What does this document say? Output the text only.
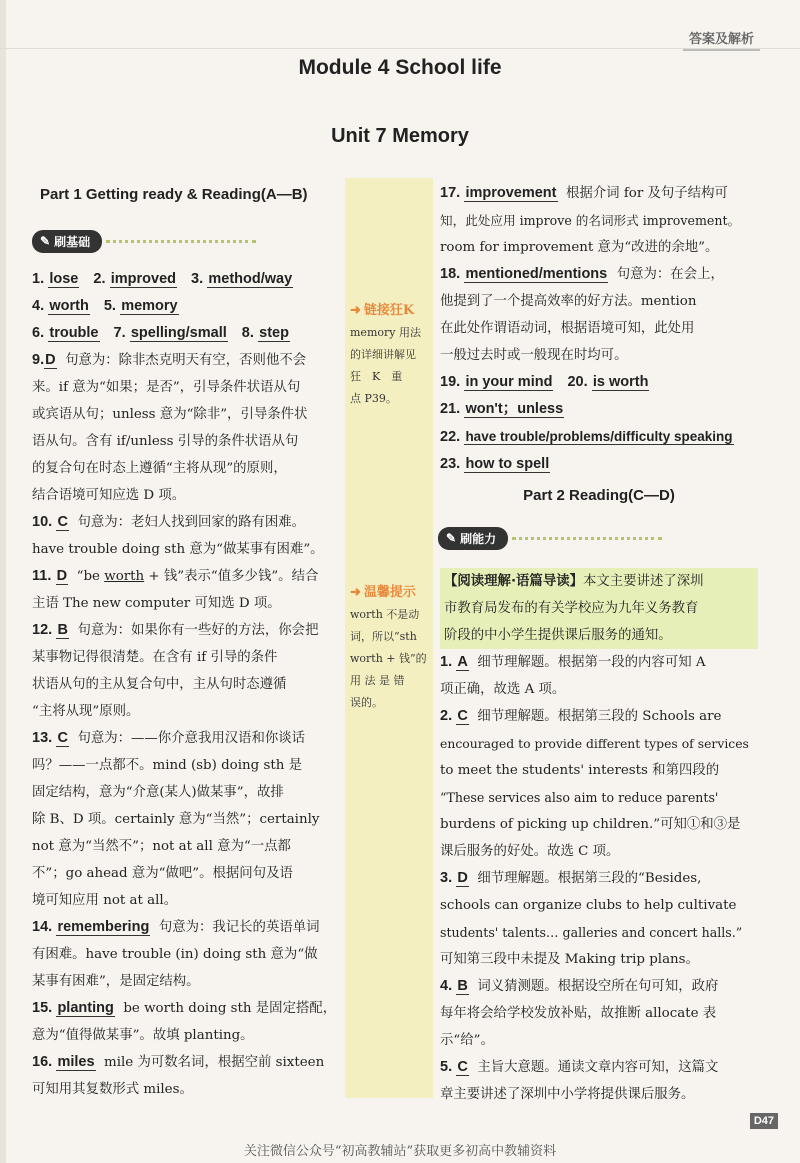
答案及解析
Module 4 School life
Unit 7 Memory
➜ 链接狂K
memory 用法
的详细讲解见
狂　K　重
点 P39。
➜ 温馨提示
worth 不是动
词，所以“sth
worth + 钱”的
用 法 是 错
误的。
Part 1 Getting ready & Reading(A—B)
✎ 刷基础

1. lose 2. improved 3. method/way

4. worth 5. memory

6. trouble 7. spelling/small 8. step

9.D 句意为：除非杰克明天有空，否则他不会

来。if 意为“如果；是否”，引导条件状语从句

或宾语从句；unless 意为“除非”，引导条件状

语从句。含有 if/unless 引导的条件状语从句

的复合句在时态上遵循“主将从现”的原则，

结合语境可知应选 D 项。

10. C 句意为：老妇人找到回家的路有困难。

have trouble doing sth 意为“做某事有困难”。

11. D “be worth + 钱”表示“值多少钱”。结合

主语 The new computer 可知选 D 项。

12. B 句意为：如果你有一些好的方法，你会把

某事物记得很清楚。在含有 if 引导的条件

状语从句的主从复合句中，主从句时态遵循

“主将从现”原则。

13. C 句意为：——你介意我用汉语和你谈话

吗？——一点都不。mind (sb) doing sth 是

固定结构，意为“介意(某人)做某事”，故排

除 B、D 项。certainly 意为“当然”；certainly

not 意为“当然不”；not at all 意为“一点都

不”；go ahead 意为“做吧”。根据问句及语

境可知应用 not at all。

14. remembering 句意为：我记长的英语单词

有困难。have trouble (in) doing sth 意为“做

某事有困难”，是固定结构。

15. planting be worth doing sth 是固定搭配，

意为“值得做某事”。故填 planting。

16. miles mile 为可数名词，根据空前 sixteen

可知用其复数形式 miles。

17. improvement 根据介词 for 及句子结构可

知，此处应用 improve 的名词形式 improvement。

room for improvement 意为“改进的余地”。

18. mentioned/mentions 句意为：在会上，

他提到了一个提高效率的好方法。mention

在此处作谓语动词，根据语境可知，此处用

一般过去时或一般现在时均可。

19. in your mind 20. is worth

21. won't；unless

22. have trouble/problems/difficulty speaking

23. how to spell

Part 2 Reading(C—D)

✎ 刷能力

【阅读理解·语篇导读】本文主要讲述了深圳

市教育局发布的有关学校应为九年义务教育

阶段的中小学生提供课后服务的通知。

1. A 细节理解题。根据第一段的内容可知 A

项正确，故选 A 项。

2. C 细节理解题。根据第三段的 Schools are

encouraged to provide different types of services

to meet the students' interests 和第四段的

“These services also aim to reduce parents'

burdens of picking up children.”可知①和③是

课后服务的好处。故选 C 项。

3. D 细节理解题。根据第三段的“Besides,

schools can organize clubs to help cultivate

students' talents… galleries and concert halls.”

可知第三段中未提及 Making trip plans。

4. B 词义猜测题。根据设空所在句可知，政府

每年将会给学校发放补贴，故推断 allocate 表

示“给”。

5. C 主旨大意题。通读文章内容可知，这篇文

章主要讲述了深圳中小学将提供课后服务。

D47
关注微信公众号“初高教辅站”获取更多初高中教辅资料
